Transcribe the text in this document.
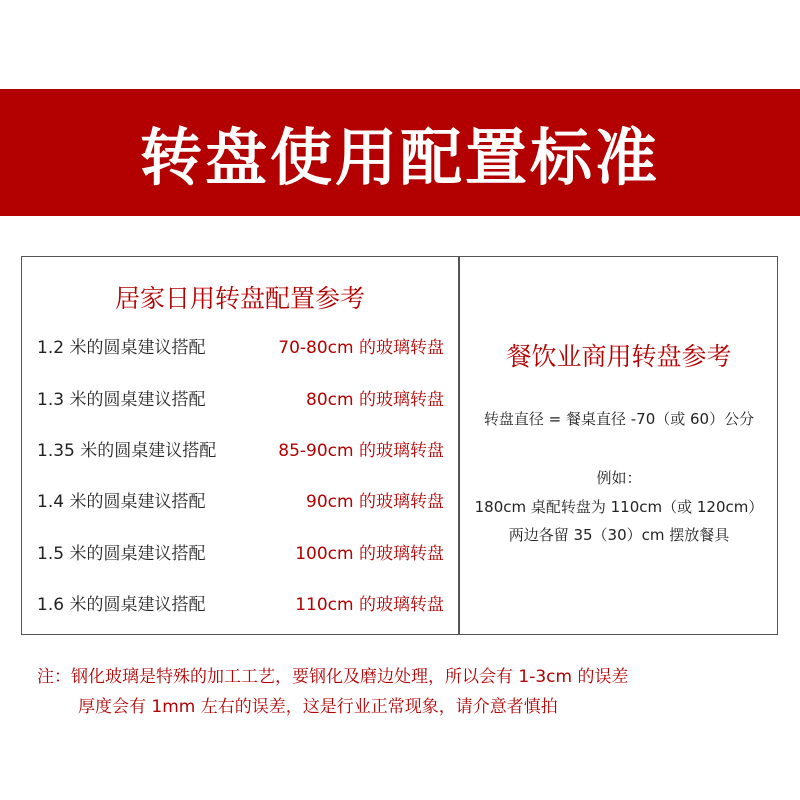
转盘使用配置标准
居家日用转盘配置参考
1.2 米的圆桌建议搭配	70-80cm 的玻璃转盘
1.3 米的圆桌建议搭配	80cm 的玻璃转盘
1.35 米的圆桌建议搭配	85-90cm 的玻璃转盘
1.4 米的圆桌建议搭配	90cm 的玻璃转盘
1.5 米的圆桌建议搭配	100cm 的玻璃转盘
1.6 米的圆桌建议搭配	110cm 的玻璃转盘
餐饮业商用转盘参考
转盘直径 = 餐桌直径 -70（或 60）公分
例如：
180cm 桌配转盘为 110cm（或 120cm）
两边各留 35（30）cm 摆放餐具
注：钢化玻璃是特殊的加工工艺，要钢化及磨边处理，所以会有 1-3cm 的误差
厚度会有 1mm 左右的误差，这是行业正常现象，请介意者慎拍
